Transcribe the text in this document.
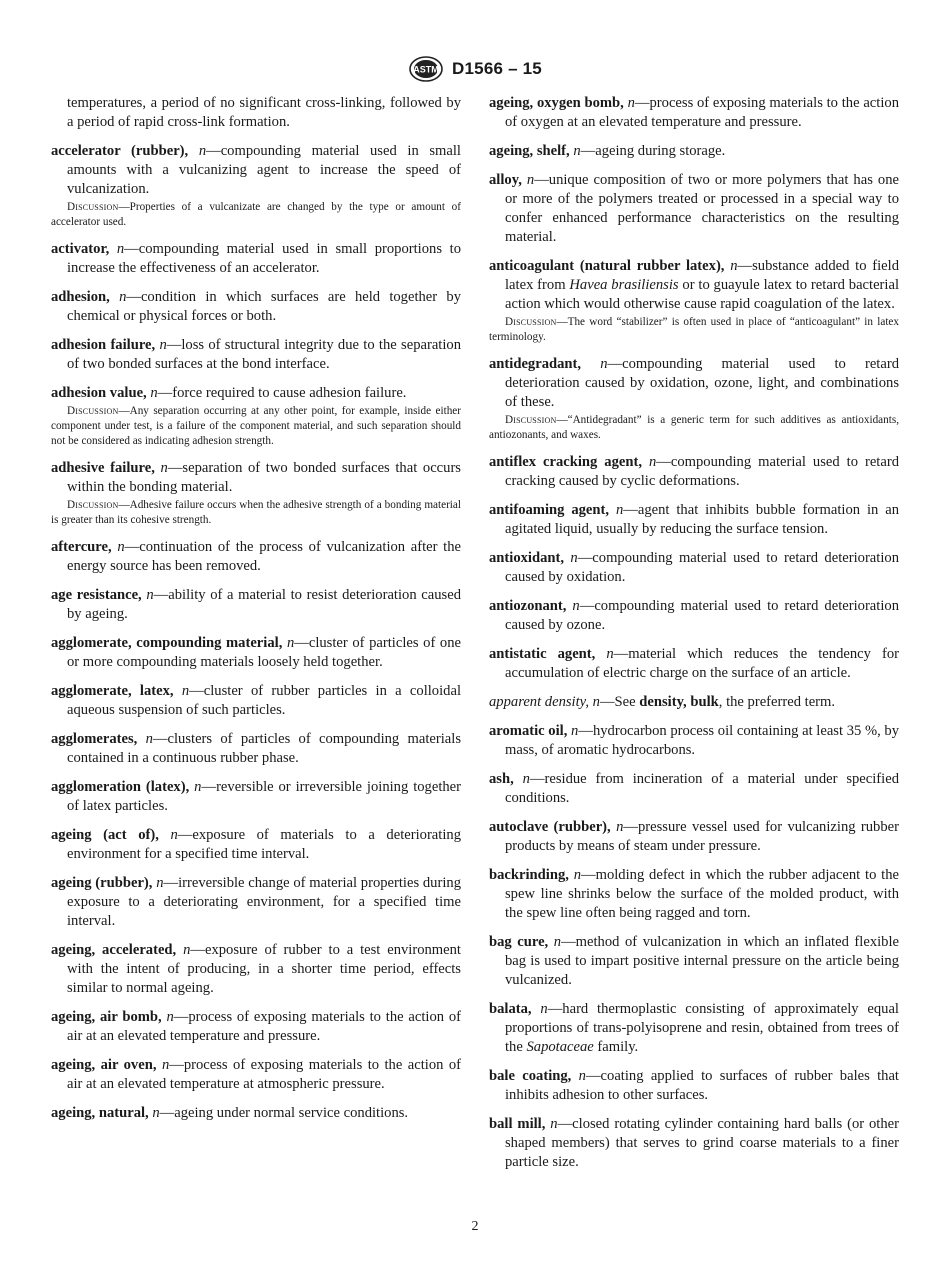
ASTM D1566 – 15

temperatures, a period of no significant cross-linking, followed by a period of rapid cross-link formation.

accelerator (rubber), n—compounding material used in small amounts with a vulcanizing agent to increase the speed of vulcanization.

Discussion—Properties of a vulcanizate are changed by the type or amount of accelerator used.

activator, n—compounding material used in small proportions to increase the effectiveness of an accelerator.

adhesion, n—condition in which surfaces are held together by chemical or physical forces or both.

adhesion failure, n—loss of structural integrity due to the separation of two bonded surfaces at the bond interface.

adhesion value, n—force required to cause adhesion failure.

Discussion—Any separation occurring at any other point, for example, inside either component under test, is a failure of the component material, and such separation should not be considered as indicating adhesion strength.

adhesive failure, n—separation of two bonded surfaces that occurs within the bonding material.

Discussion—Adhesive failure occurs when the adhesive strength of a bonding material is greater than its cohesive strength.

aftercure, n—continuation of the process of vulcanization after the energy source has been removed.

age resistance, n—ability of a material to resist deterioration caused by ageing.

agglomerate, compounding material, n—cluster of particles of one or more compounding materials loosely held together.

agglomerate, latex, n—cluster of rubber particles in a colloidal aqueous suspension of such particles.

agglomerates, n—clusters of particles of compounding materials contained in a continuous rubber phase.

agglomeration (latex), n—reversible or irreversible joining together of latex particles.

ageing (act of), n—exposure of materials to a deteriorating environment for a specified time interval.

ageing (rubber), n—irreversible change of material properties during exposure to a deteriorating environment, for a specified time interval.

ageing, accelerated, n—exposure of rubber to a test environment with the intent of producing, in a shorter time period, effects similar to normal ageing.

ageing, air bomb, n—process of exposing materials to the action of air at an elevated temperature and pressure.

ageing, air oven, n—process of exposing materials to the action of air at an elevated temperature at atmospheric pressure.

ageing, natural, n—ageing under normal service conditions.

ageing, oxygen bomb, n—process of exposing materials to the action of oxygen at an elevated temperature and pressure.

ageing, shelf, n—ageing during storage.

alloy, n—unique composition of two or more polymers that has one or more of the polymers treated or processed in a special way to confer enhanced performance characteristics on the resulting material.

anticoagulant (natural rubber latex), n—substance added to field latex from Havea brasiliensis or to guayule latex to retard bacterial action which would otherwise cause rapid coagulation of the latex.

Discussion—The word “stabilizer” is often used in place of “anticoagulant” in latex terminology.

antidegradant, n—compounding material used to retard deterioration caused by oxidation, ozone, light, and combinations of these.

Discussion—“Antidegradant” is a generic term for such additives as antioxidants, antiozonants, and waxes.

antiflex cracking agent, n—compounding material used to retard cracking caused by cyclic deformations.

antifoaming agent, n—agent that inhibits bubble formation in an agitated liquid, usually by reducing the surface tension.

antioxidant, n—compounding material used to retard deterioration caused by oxidation.

antiozonant, n—compounding material used to retard deterioration caused by ozone.

antistatic agent, n—material which reduces the tendency for accumulation of electric charge on the surface of an article.

apparent density, n—See density, bulk, the preferred term.

aromatic oil, n—hydrocarbon process oil containing at least 35 %, by mass, of aromatic hydrocarbons.

ash, n—residue from incineration of a material under specified conditions.

autoclave (rubber), n—pressure vessel used for vulcanizing rubber products by means of steam under pressure.

backrinding, n—molding defect in which the rubber adjacent to the spew line shrinks below the surface of the molded product, with the spew line often being ragged and torn.

bag cure, n—method of vulcanization in which an inflated flexible bag is used to impart positive internal pressure on the article being vulcanized.

balata, n—hard thermoplastic consisting of approximately equal proportions of trans-polyisoprene and resin, obtained from trees of the Sapotaceae family.

bale coating, n—coating applied to surfaces of rubber bales that inhibits adhesion to other surfaces.

ball mill, n—closed rotating cylinder containing hard balls (or other shaped members) that serves to grind coarse materials to a finer particle size.

2
